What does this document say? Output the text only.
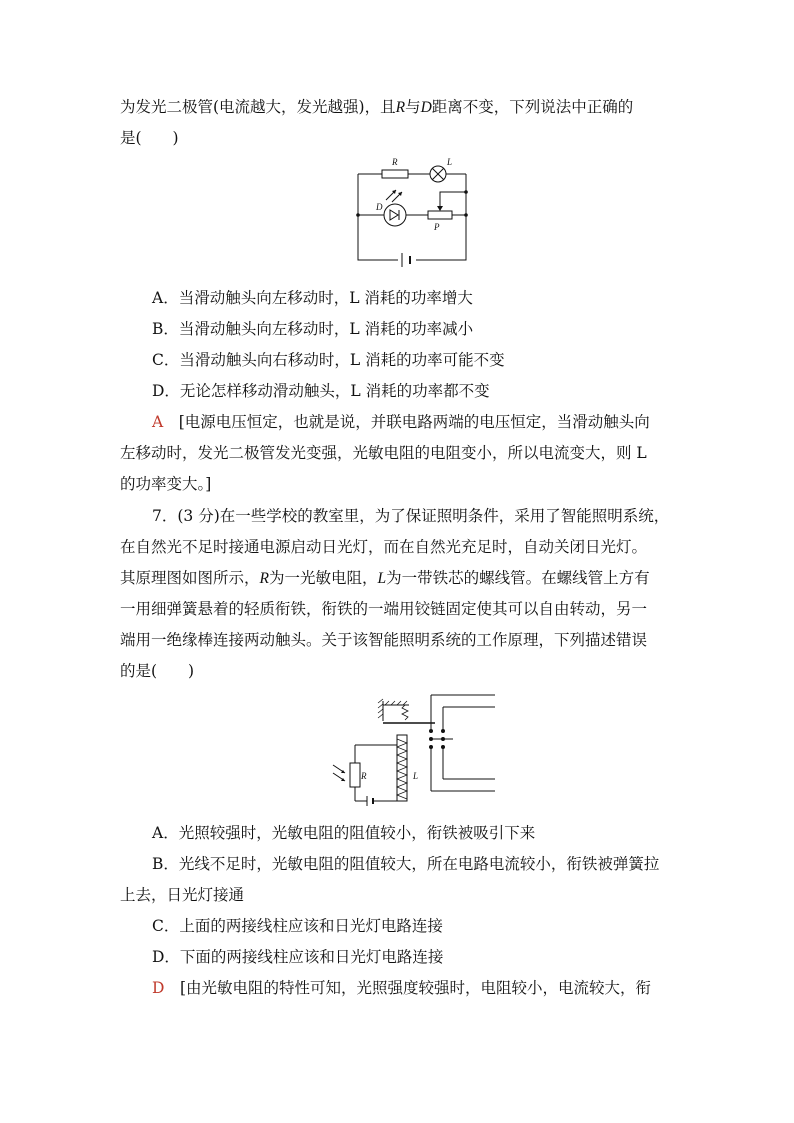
为发光二极管(电流越大，发光越强)，且R与D距离不变，下列说法中正确的
是(　　)
R	L
D
P
A．当滑动触头向左移动时，L 消耗的功率增大
B．当滑动触头向左移动时，L 消耗的功率减小
C．当滑动触头向右移动时，L 消耗的功率可能不变
D．无论怎样移动滑动触头，L 消耗的功率都不变
A　 [电源电压恒定，也就是说，并联电路两端的电压恒定，当滑动触头向
左移动时，发光二极管发光变强，光敏电阻的电阻变小，所以电流变大，则 L
的功率变大。]
7．(3 分)在一些学校的教室里，为了保证照明条件，采用了智能照明系统，
在自然光不足时接通电源启动日光灯，而在自然光充足时，自动关闭日光灯。
其原理图如图所示，R为一光敏电阻，L为一带铁芯的螺线管。在螺线管上方有
一用细弹簧悬着的轻质衔铁，衔铁的一端用铰链固定使其可以自由转动，另一
端用一绝缘棒连接两动触头。关于该智能照明系统的工作原理，下列描述错误
的是(　　)
R	L
A．光照较强时，光敏电阻的阻值较小，衔铁被吸引下来
B．光线不足时，光敏电阻的阻值较大，所在电路电流较小，衔铁被弹簧拉
上去，日光灯接通
C．上面的两接线柱应该和日光灯电路连接
D．下面的两接线柱应该和日光灯电路连接
D　 [由光敏电阻的特性可知，光照强度较强时，电阻较小，电流较大，衔
